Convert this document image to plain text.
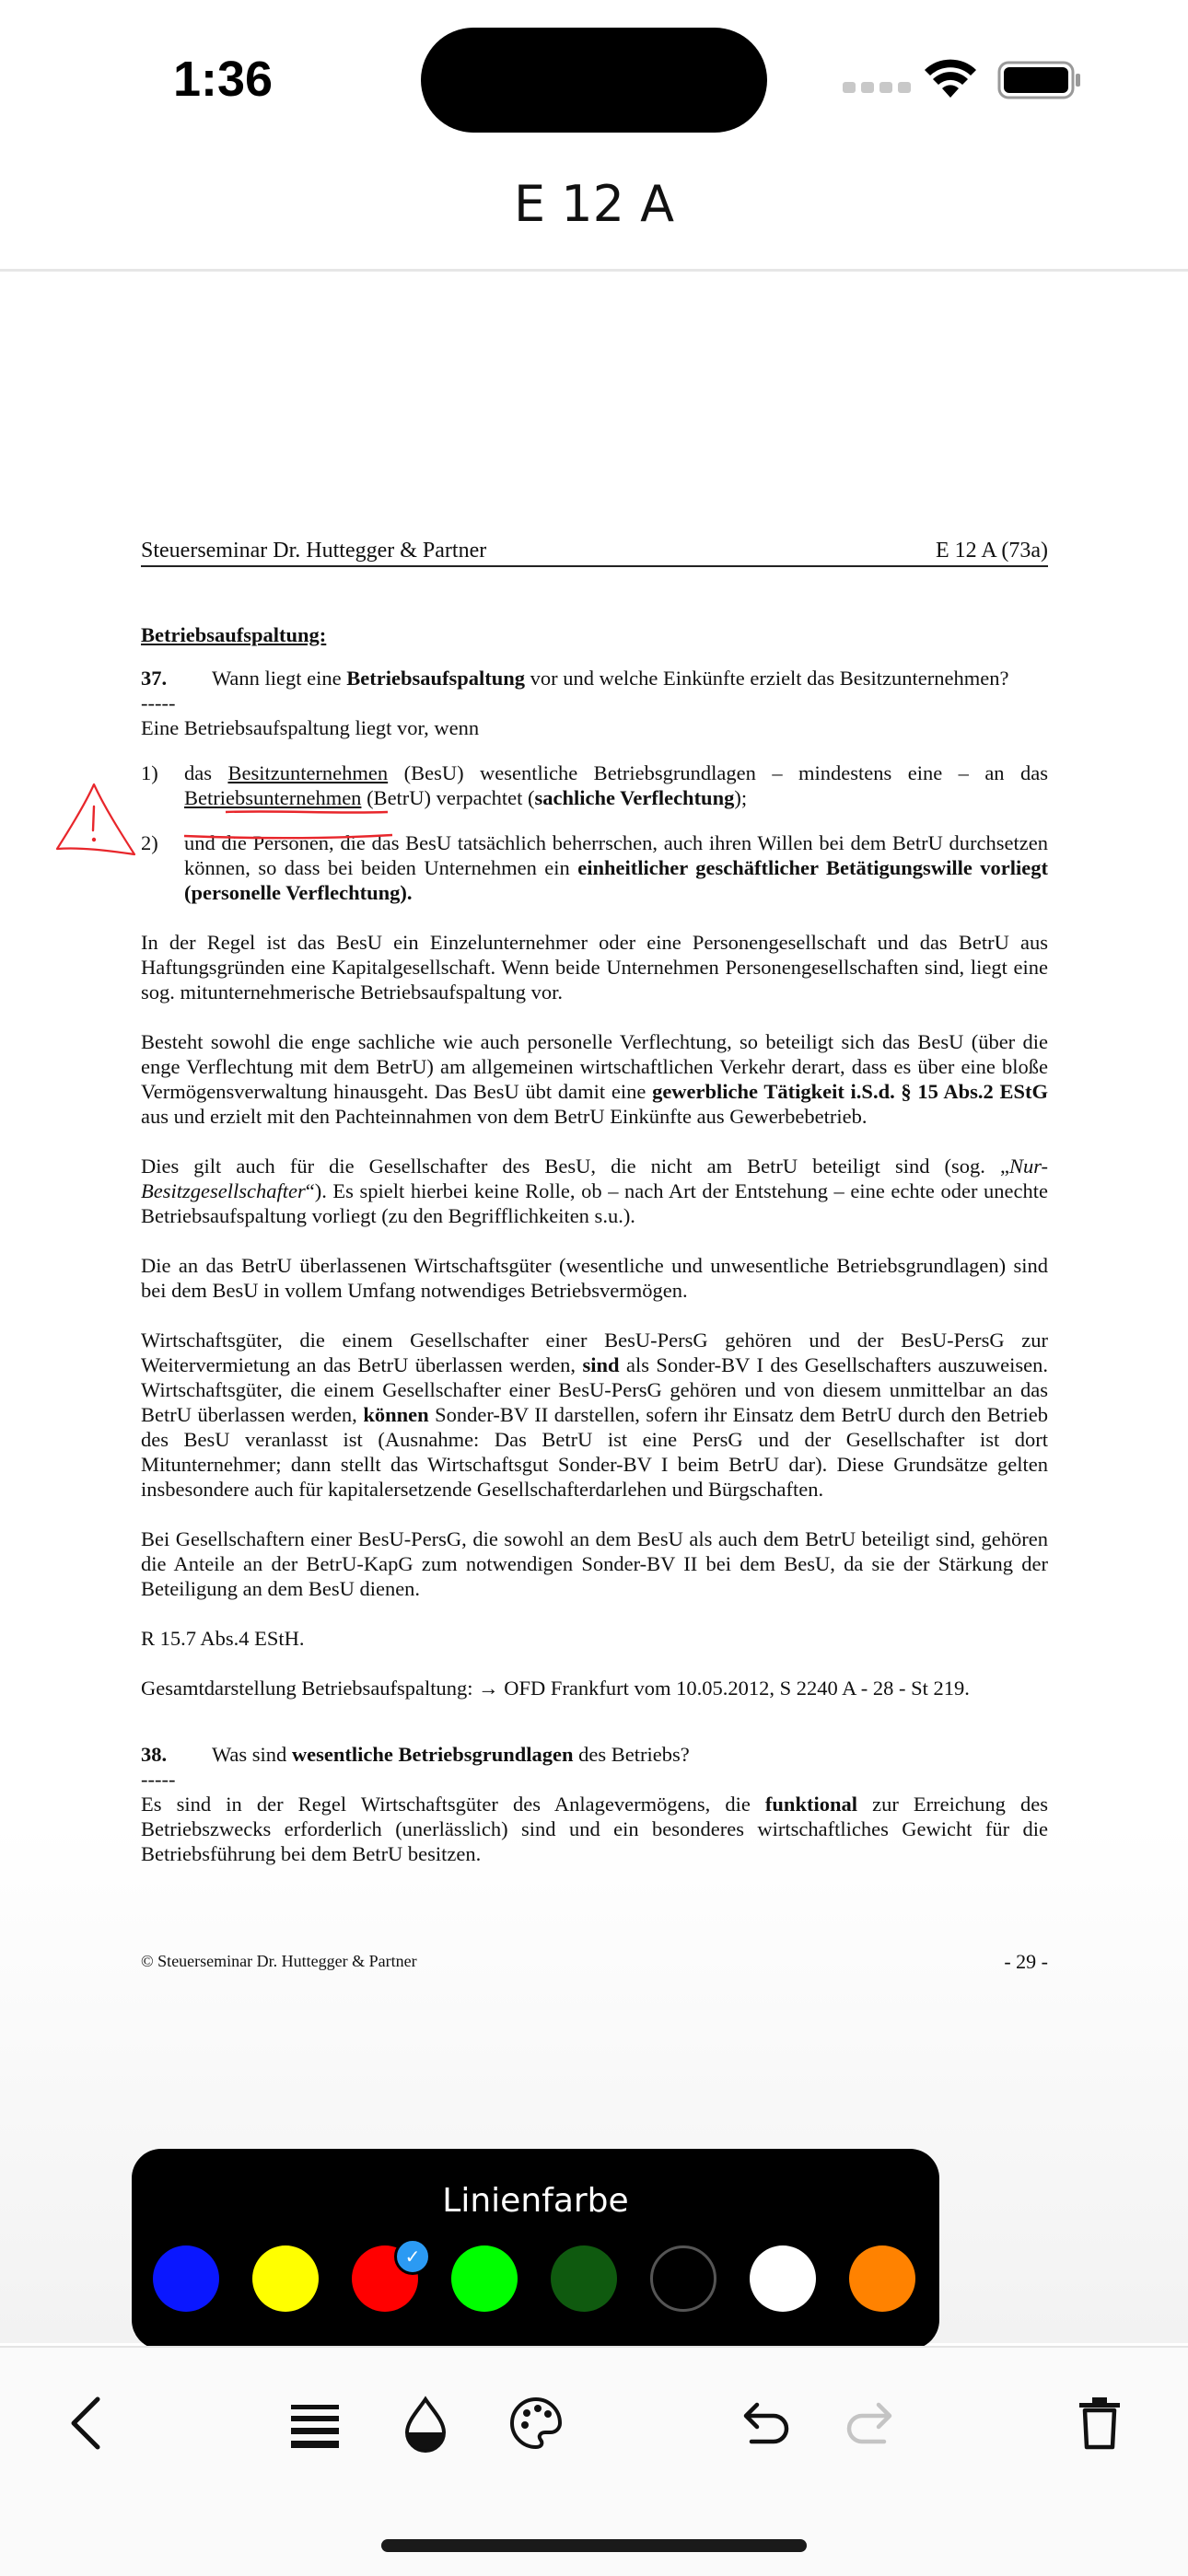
1:36
E 12 A
Steuerseminar Dr. Huttegger & Partner	E 12 A (73a)

Betriebsaufspaltung:

37.	Wann liegt eine Betriebsaufspaltung vor und welche Einkünfte erzielt das Besitzunternehmen?

-----

Eine Betriebsaufspaltung liegt vor, wenn

1)	das Besitzunternehmen (BesU) wesentliche Betriebsgrundlagen – mindestens eine – an das Betriebsunternehmen (BetrU) verpachtet (sachliche Verflechtung);

2)	und die Personen, die das BesU tatsächlich beherrschen, auch ihren Willen bei dem BetrU durchsetzen können, so dass bei beiden Unternehmen ein einheitlicher geschäftlicher Betätigungswille vorliegt (personelle Verflechtung).

In der Regel ist das BesU ein Einzelunternehmer oder eine Personengesellschaft und das BetrU aus Haftungsgründen eine Kapitalgesellschaft. Wenn beide Unternehmen Personengesellschaften sind, liegt eine sog. mitunternehmerische Betriebsaufspaltung vor.

Besteht sowohl die enge sachliche wie auch personelle Verflechtung, so beteiligt sich das BesU (über die enge Verflechtung mit dem BetrU) am allgemeinen wirtschaftlichen Verkehr derart, dass es über eine bloße Vermögensverwaltung hinausgeht. Das BesU übt damit eine gewerbliche Tätigkeit i.S.d. § 15 Abs.2 EStG aus und erzielt mit den Pachteinnahmen von dem BetrU Einkünfte aus Gewerbebetrieb.

Dies gilt auch für die Gesellschafter des BesU, die nicht am BetrU beteiligt sind (sog. „Nur-Besitzgesellschafter“). Es spielt hierbei keine Rolle, ob – nach Art der Entstehung – eine echte oder unechte Betriebsaufspaltung vorliegt (zu den Begrifflichkeiten s.u.).

Die an das BetrU überlassenen Wirtschaftsgüter (wesentliche und unwesentliche Betriebsgrundlagen) sind bei dem BesU in vollem Umfang notwendiges Betriebsvermögen.

Wirtschaftsgüter, die einem Gesellschafter einer BesU-PersG gehören und der BesU-PersG zur Weitervermietung an das BetrU überlassen werden, sind als Sonder-BV I des Gesellschafters auszuweisen. Wirtschaftsgüter, die einem Gesellschafter einer BesU-PersG gehören und von diesem unmittelbar an das BetrU überlassen werden, können Sonder-BV II darstellen, sofern ihr Einsatz dem BetrU durch den Betrieb des BesU veranlasst ist (Ausnahme: Das BetrU ist eine PersG und der Gesellschafter ist dort Mitunternehmer; dann stellt das Wirtschaftsgut Sonder-BV I beim BetrU dar). Diese Grundsätze gelten insbesondere auch für kapitalersetzende Gesellschafterdarlehen und Bürgschaften.

Bei Gesellschaftern einer BesU-PersG, die sowohl an dem BesU als auch dem BetrU beteiligt sind, gehören die Anteile an der BetrU-KapG zum notwendigen Sonder-BV II bei dem BesU, da sie der Stärkung der Beteiligung an dem BesU dienen.

R 15.7 Abs.4 EStH.

Gesamtdarstellung Betriebsaufspaltung: → OFD Frankfurt vom 10.05.2012, S 2240 A - 28 - St 219.

38.	Was sind wesentliche Betriebsgrundlagen des Betriebs?

-----

Es sind in der Regel Wirtschaftsgüter des Anlagevermögens, die funktional zur Erreichung des Betriebszwecks erforderlich (unerlässlich) sind und ein besonderes wirtschaftliches Gewicht für die Betriebsführung bei dem BetrU besitzen.

© Steuerseminar Dr. Huttegger & Partner	- 29 -
Linienfarbe
✓
